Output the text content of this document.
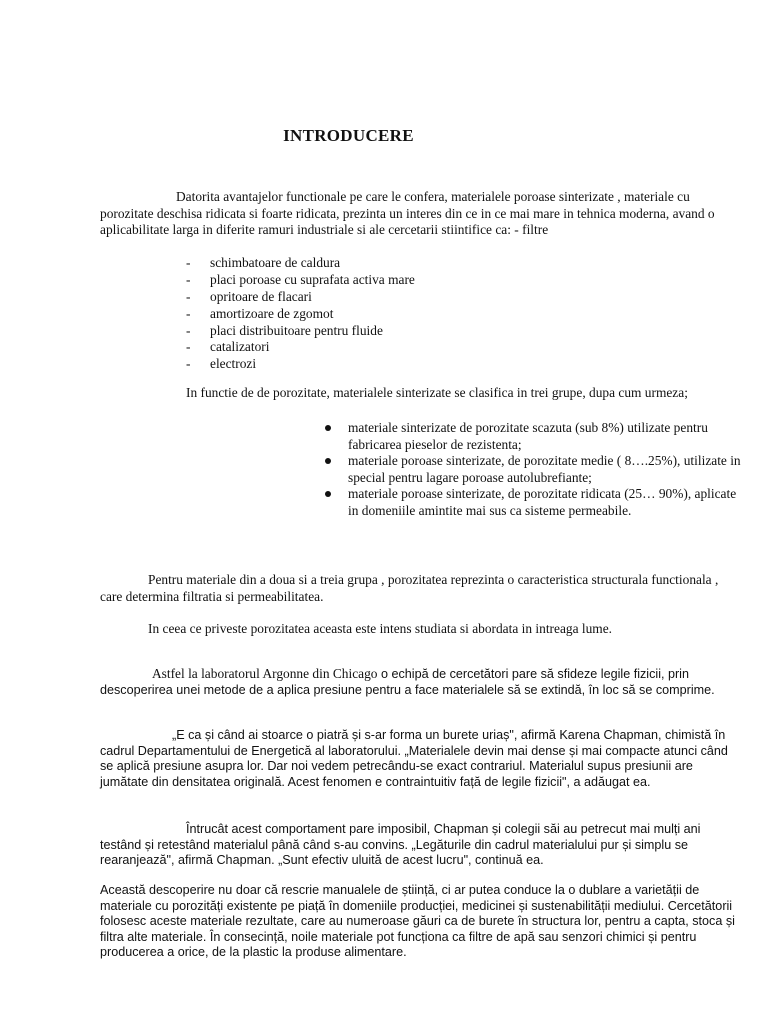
INTRODUCERE

Datorita avantajelor functionale pe care le confera, materialele poroase sinterizate , materiale cu porozitate deschisa ridicata si foarte ridicata, prezinta un interes din ce in ce mai mare in tehnica moderna, avand o aplicabilitate larga in diferite ramuri industriale si ale cercetarii stiintifice ca: - filtre

- schimbatoare de caldura
- placi poroase cu suprafata activa mare
- opritoare de flacari
- amortizoare de zgomot
- placi distribuitoare pentru fluide
- catalizatori
- electrozi

In functie de de porozitate, materialele sinterizate se clasifica in trei grupe, dupa cum urmeza;

materiale sinterizate de porozitate scazuta (sub 8%) utilizate pentru fabricarea pieselor de rezistenta;
materiale poroase sinterizate, de porozitate medie ( 8….25%), utilizate in special pentru lagare poroase autolubrefiante;
materiale poroase sinterizate, de porozitate ridicata (25… 90%), aplicate in domeniile amintite mai sus ca sisteme permeabile.

Pentru materiale din a doua si a treia grupa , porozitatea reprezinta o caracteristica structurala functionala , care determina filtratia si permeabilitatea.

In ceea ce priveste porozitatea aceasta este intens studiata si abordata in intreaga lume.

Astfel la laboratorul Argonne din Chicago o echipă de cercetători pare să sfideze legile fizicii, prin descoperirea unei metode de a aplica presiune pentru a face materialele să se extindă, în loc să se comprime.

„E ca și când ai stoarce o piatră și s-ar forma un burete uriaș", afirmă Karena Chapman, chimistă în cadrul Departamentului de Energetică al laboratorului. „Materialele devin mai dense și mai compacte atunci când se aplică presiune asupra lor. Dar noi vedem petrecându-se exact contrariul. Materialul supus presiunii are jumătate din densitatea originală. Acest fenomen e contraintuitiv față de legile fizicii", a adăugat ea.

Întrucât acest comportament pare imposibil, Chapman și colegii săi au petrecut mai mulți ani testând și retestând materialul până când s-au convins. „Legăturile din cadrul materialului pur și simplu se rearanjează", afirmă Chapman. „Sunt efectiv uluită de acest lucru", continuă ea.

Această descoperire nu doar că rescrie manualele de știință, ci ar putea conduce la o dublare a varietății de materiale cu porozități existente pe piață în domeniile producției, medicinei și sustenabilității mediului. Cercetătorii folosesc aceste materiale rezultate, care au numeroase găuri ca de burete în structura lor, pentru a capta, stoca și filtra alte materiale. În consecință, noile materiale pot funcționa ca filtre de apă sau senzori chimici și pentru producerea a orice, de la plastic la produse alimentare.
